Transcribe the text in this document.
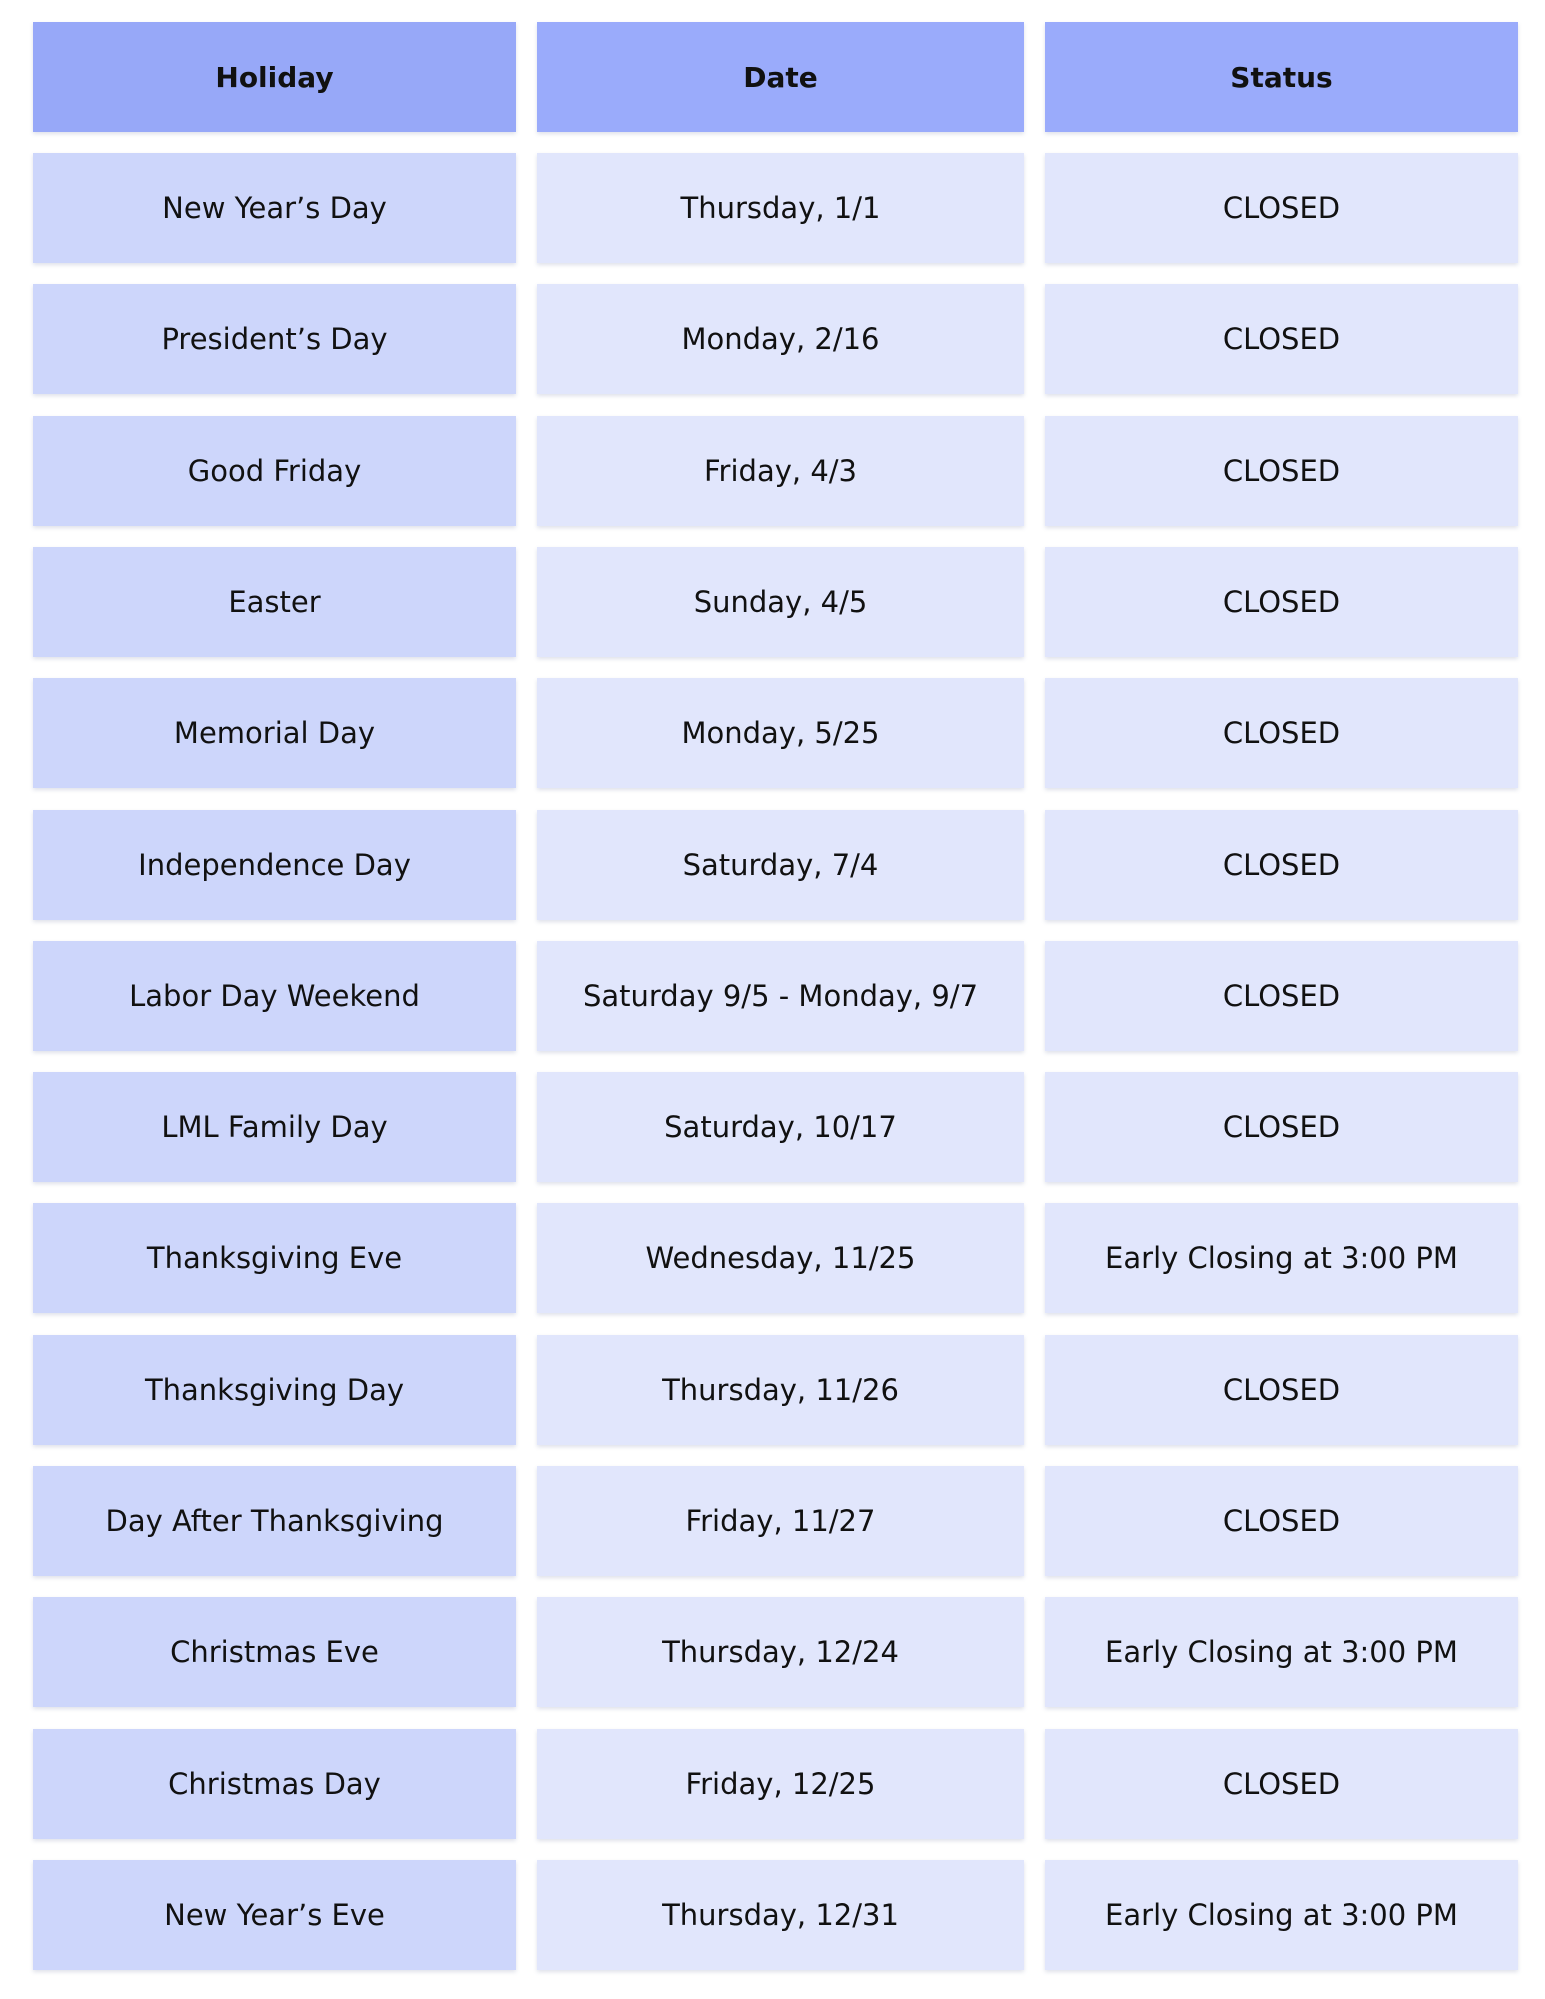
Holiday	Date	Status
New Year’s Day	Thursday, 1/1	CLOSED
President’s Day	Monday, 2/16	CLOSED
Good Friday	Friday, 4/3	CLOSED
Easter	Sunday, 4/5	CLOSED
Memorial Day	Monday, 5/25	CLOSED
Independence Day	Saturday, 7/4	CLOSED
Labor Day Weekend	Saturday 9/5 - Monday, 9/7	CLOSED
LML Family Day	Saturday, 10/17	CLOSED
Thanksgiving Eve	Wednesday, 11/25	Early Closing at 3:00 PM
Thanksgiving Day	Thursday, 11/26	CLOSED
Day After Thanksgiving	Friday, 11/27	CLOSED
Christmas Eve	Thursday, 12/24	Early Closing at 3:00 PM
Christmas Day	Friday, 12/25	CLOSED
New Year’s Eve	Thursday, 12/31	Early Closing at 3:00 PM
